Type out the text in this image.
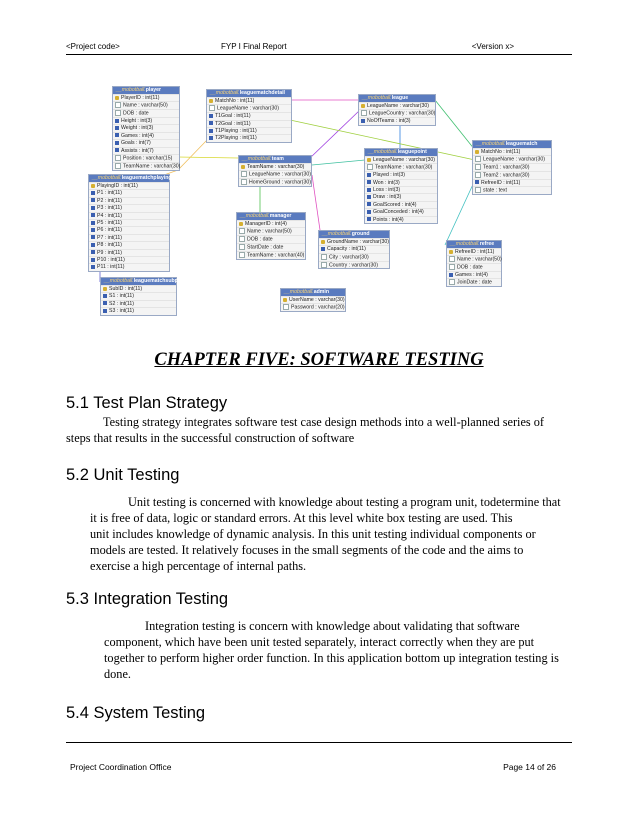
<Project code>	FYP I Final Report	<Version x>
__mobotball.player
PlayerID : int(11)
Name : varchar(50)
DOB : date
Height : int(3)
Weight : int(3)
Games : int(4)
Goals : int(7)
Assists : int(7)
Position : varchar(15)
TeamName : varchar(30)
__mobotball.leaguematchplayingplayer
PlayingID : int(11)
P1 : int(11)
P2 : int(11)
P3 : int(11)
P4 : int(11)
P5 : int(11)
P6 : int(11)
P7 : int(11)
P8 : int(11)
P9 : int(11)
P10 : int(11)
P11 : int(11)
__mobotball.leaguematchsubplayer
SubID : int(11)
S1 : int(11)
S2 : int(11)
S3 : int(11)
__mobotball.leaguematchdetail
MatchNo : int(11)
LeagueName : varchar(30)
T1Goal : int(11)
T2Goal : int(11)
T1Playing : int(11)
T2Playing : int(11)
__mobotball.team
TeamName : varchar(30)
LeagueName : varchar(30)
HomeGround : varchar(30)
__mobotball.manager
ManagerID : int(4)
Name : varchar(50)
DOB : date
StartDate : date
TeamName : varchar(40)
__mobotball.admin
UserName : varchar(30)
Password : varchar(20)
__mobotball.league
LeagueName : varchar(30)
LeagueCountry : varchar(30)
NoOfTeams : int(3)
__mobotball.leaguepoint
LeagueName : varchar(30)
TeamName : varchar(30)
Played : int(3)
Won : int(3)
Loss : int(3)
Draw : int(3)
GoalScored : int(4)
GoalConceded : int(4)
Points : int(4)
__mobotball.ground
GroundName : varchar(30)
Capacity : int(11)
City : varchar(30)
Country : varchar(30)
__mobotball.leaguematch
MatchNo : int(11)
LeagueName : varchar(30)
Team1 : varchar(30)
Team2 : varchar(30)
RefreeID : int(11)
state : text
__mobotball.refree
RefreeID : int(11)
Name : varchar(50)
DOB : date
Games : int(4)
JoinDate : date
CHAPTER FIVE: SOFTWARE TESTING
5.1 Test Plan Strategy
Testing strategy integrates software test case design methods into a well-planned series of
steps that results in the successful construction of software
5.2 Unit Testing
Unit testing is concerned with knowledge about testing a program unit, todetermine that
it is free of data, logic or standard errors. At this level white box testing are used. This
unit includes knowledge of dynamic analysis. In this unit testing individual components or
models are tested. It relatively focuses in the small segments of the code and the aims to
exercise a high percentage of internal paths.
5.3 Integration Testing
Integration testing is concern with knowledge about validating that software
component, which have been unit tested separately, interact correctly when they are put
together to perform higher order function. In this application bottom up integration testing is
done.
5.4 System Testing
Project Coordination Office	Page 14 of 26
